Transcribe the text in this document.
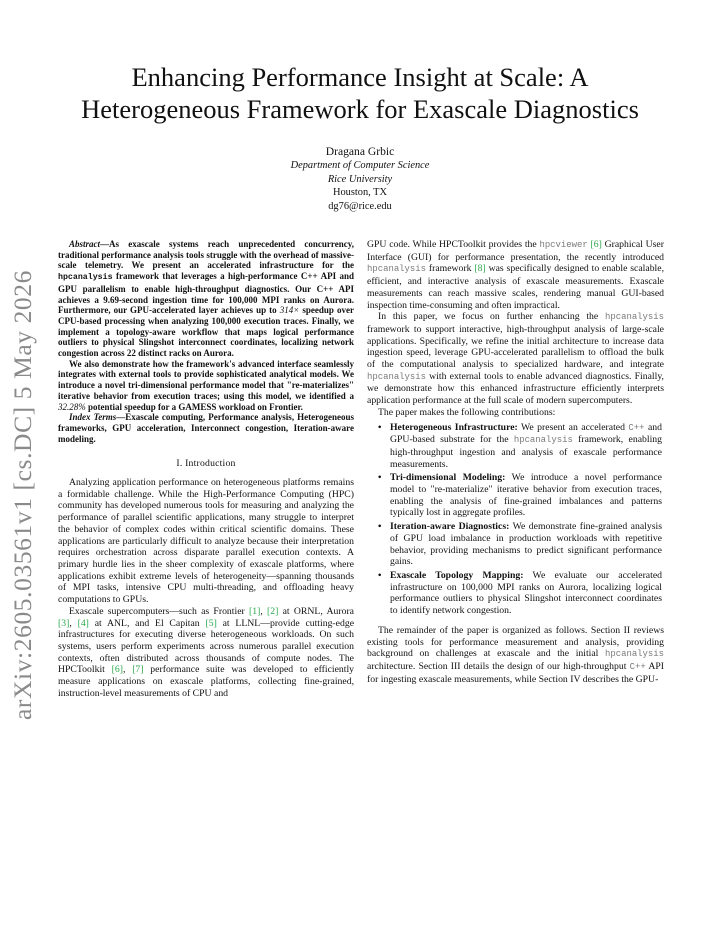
arXiv:2605.03561v1 [cs.DC] 5 May 2026
Enhancing Performance Insight at Scale: A
Heterogeneous Framework for Exascale Diagnostics
Dragana Grbic
Department of Computer Science
Rice University
Houston, TX
dg76@rice.edu

Abstract—As exascale systems reach unprecedented concurrency, traditional performance analysis tools struggle with the overhead of massive-scale telemetry. We present an accelerated infrastructure for the hpcanalysis framework that leverages a high-performance C++ API and GPU parallelism to enable high-throughput diagnostics. Our C++ API achieves a 9.69-second ingestion time for 100,000 MPI ranks on Aurora. Furthermore, our GPU-accelerated layer achieves up to 314× speedup over CPU-based processing when analyzing 100,000 execution traces. Finally, we implement a topology-aware workflow that maps logical performance outliers to physical Slingshot interconnect coordinates, localizing network congestion across 22 distinct racks on Aurora.

We also demonstrate how the framework's advanced interface seamlessly integrates with external tools to provide sophisticated analytical models. We introduce a novel tri-dimensional performance model that "re-materializes" iterative behavior from execution traces; using this model, we identified a 32.28% potential speedup for a GAMESS workload on Frontier.

Index Terms—Exascale computing, Performance analysis, Heterogeneous frameworks, GPU acceleration, Interconnect congestion, Iteration-aware modeling.

I. Introduction

Analyzing application performance on heterogeneous platforms remains a formidable challenge. While the High-Performance Computing (HPC) community has developed numerous tools for measuring and analyzing the performance of parallel scientific applications, many struggle to interpret the behavior of complex codes within critical scientific domains. These applications are particularly difficult to analyze because their interpretation requires orchestration across disparate parallel execution contexts. A primary hurdle lies in the sheer complexity of exascale platforms, where applications exhibit extreme levels of heterogeneity—spanning thousands of MPI tasks, intensive CPU multi-threading, and offloading heavy computations to GPUs.

Exascale supercomputers—such as Frontier [1], [2] at ORNL, Aurora [3], [4] at ANL, and El Capitan [5] at LLNL—provide cutting-edge infrastructures for executing diverse heterogeneous workloads. On such systems, users perform experiments across numerous parallel execution contexts, often distributed across thousands of compute nodes. The HPCToolkit [6], [7] performance suite was developed to efficiently measure applications on exascale platforms, collecting fine-grained, instruction-level measurements of CPU and

GPU code. While HPCToolkit provides the hpcviewer [6] Graphical User Interface (GUI) for performance presentation, the recently introduced hpcanalysis framework [8] was specifically designed to enable scalable, efficient, and interactive analysis of exascale measurements. Exascale measurements can reach massive scales, rendering manual GUI-based inspection time-consuming and often impractical.

In this paper, we focus on further enhancing the hpcanalysis framework to support interactive, high-throughput analysis of large-scale applications. Specifically, we refine the initial architecture to increase data ingestion speed, leverage GPU-accelerated parallelism to offload the bulk of the computational analysis to specialized hardware, and integrate hpcanalysis with external tools to enable advanced diagnostics. Finally, we demonstrate how this enhanced infrastructure efficiently interprets application performance at the full scale of modern supercomputers.

The paper makes the following contributions:

• Heterogeneous Infrastructure: We present an accelerated C++ and GPU-based substrate for the hpcanalysis framework, enabling high-throughput ingestion and analysis of exascale performance measurements.
• Tri-dimensional Modeling: We introduce a novel performance model to "re-materialize" iterative behavior from execution traces, enabling the analysis of fine-grained imbalances and patterns typically lost in aggregate profiles.
• Iteration-aware Diagnostics: We demonstrate fine-grained analysis of GPU load imbalance in production workloads with repetitive behavior, providing mechanisms to predict significant performance gains.
• Exascale Topology Mapping: We evaluate our accelerated infrastructure on 100,000 MPI ranks on Aurora, localizing logical performance outliers to physical Slingshot interconnect coordinates to identify network congestion.

The remainder of the paper is organized as follows. Section II reviews existing tools for performance measurement and analysis, providing background on challenges at exascale and the initial hpcanalysis architecture. Section III details the design of our high-throughput C++ API for ingesting exascale measurements, while Section IV describes the GPU-
